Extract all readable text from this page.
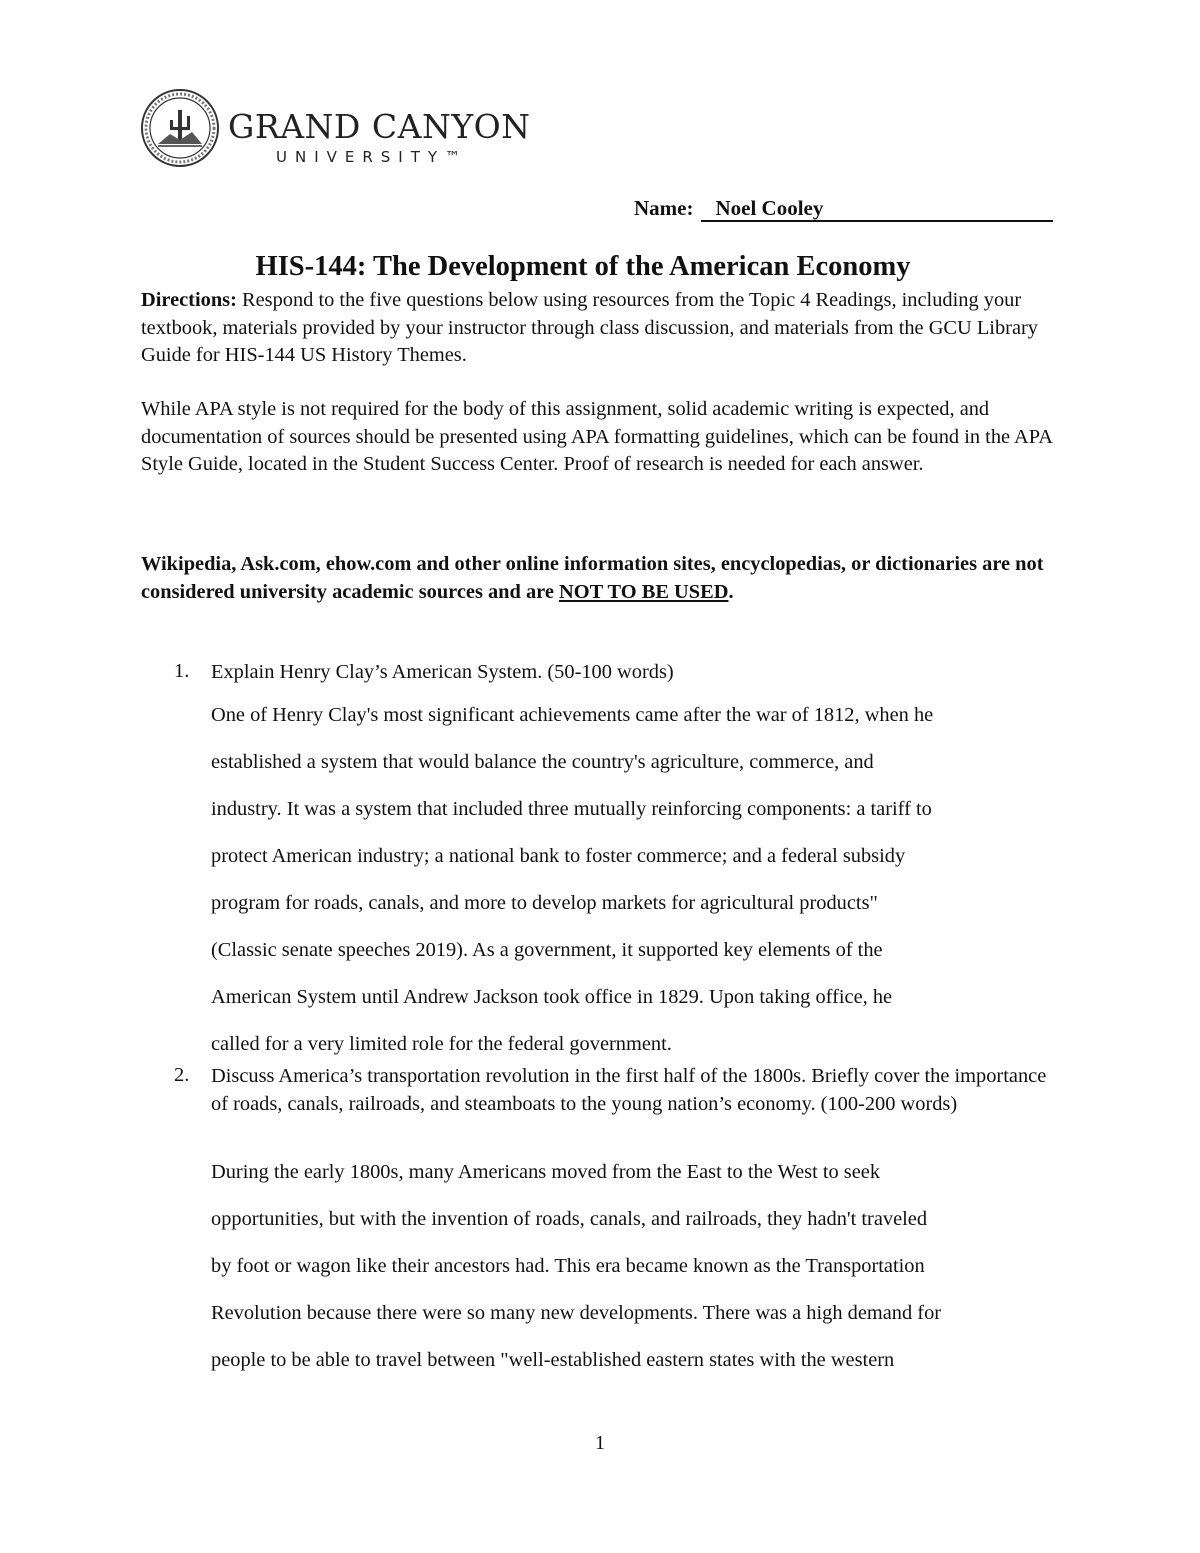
GRAND CANYON
UNIVERSITY™
Name: Noel Cooley
HIS-144: The Development of the American Economy
Directions: Respond to the five questions below using resources from the Topic 4 Readings, including your textbook, materials provided by your instructor through class discussion, and materials from the GCU Library Guide for HIS-144 US History Themes.
While APA style is not required for the body of this assignment, solid academic writing is expected, and documentation of sources should be presented using APA formatting guidelines, which can be found in the APA Style Guide, located in the Student Success Center. Proof of research is needed for each answer.
Wikipedia, Ask.com, ehow.com and other online information sites, encyclopedias, or dictionaries are not considered university academic sources and are NOT TO BE USED.
1. Explain Henry Clay’s American System. (50-100 words)

One of Henry Clay's most significant achievements came after the war of 1812, when he

established a system that would balance the country's agriculture, commerce, and

industry. It was a system that included three mutually reinforcing components: a tariff to

protect American industry; a national bank to foster commerce; and a federal subsidy

program for roads, canals, and more to develop markets for agricultural products"

(Classic senate speeches 2019). As a government, it supported key elements of the

American System until Andrew Jackson took office in 1829. Upon taking office, he

called for a very limited role for the federal government.

2. Discuss America’s transportation revolution in the first half of the 1800s. Briefly cover the importance of roads, canals, railroads, and steamboats to the young nation’s economy. (100-200 words)

During the early 1800s, many Americans moved from the East to the West to seek

opportunities, but with the invention of roads, canals, and railroads, they hadn't traveled

by foot or wagon like their ancestors had. This era became known as the Transportation

Revolution because there were so many new developments. There was a high demand for

people to be able to travel between "well-established eastern states with the western

1
